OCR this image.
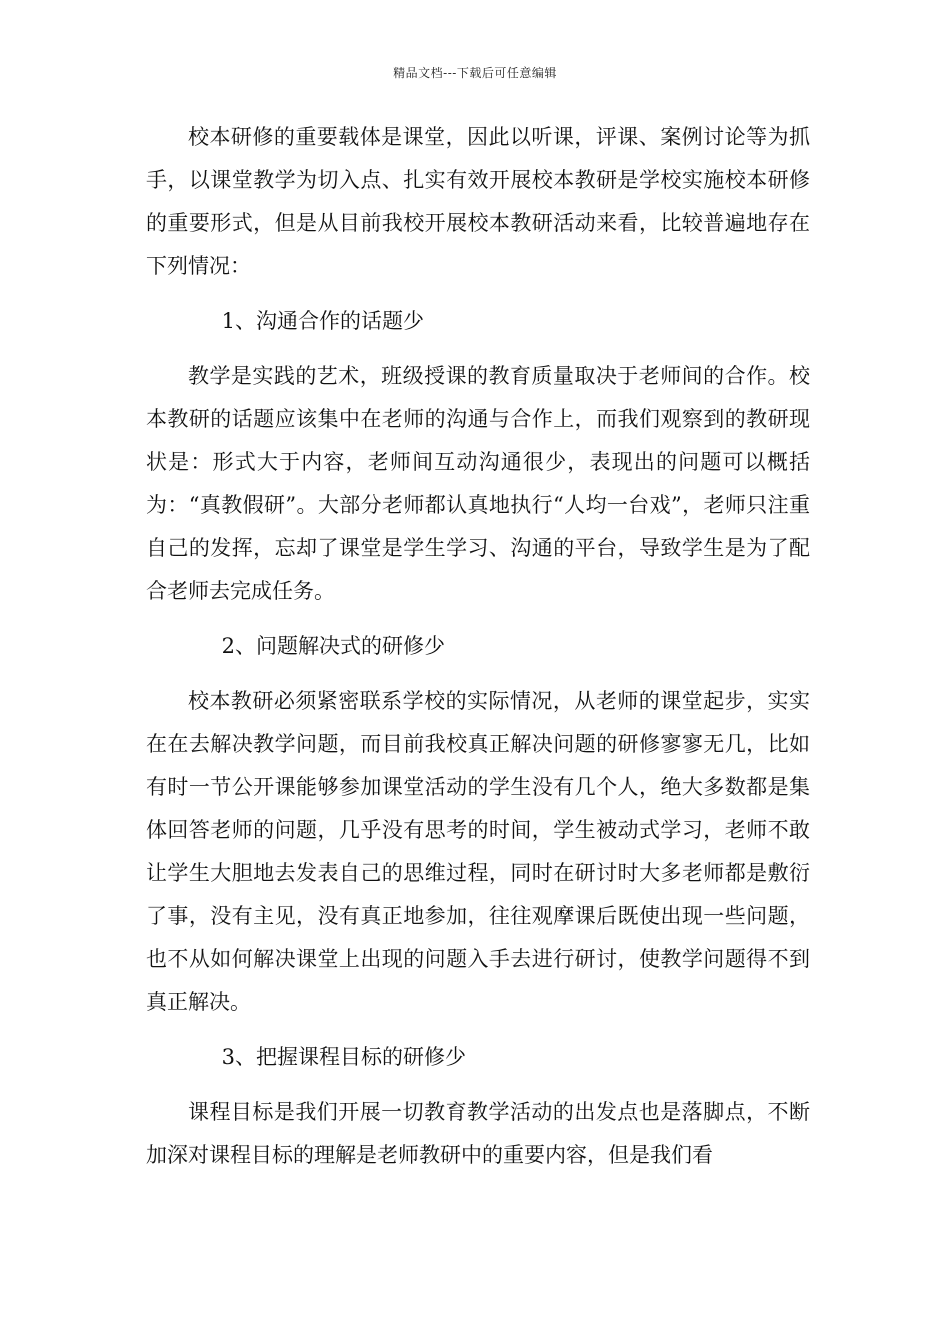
精品文档---下载后可任意编辑

校本研修的重要载体是课堂，因此以听课，评课、案例讨论等为抓手，以课堂教学为切入点、扎实有效开展校本教研是学校实施校本研修的重要形式，但是从目前我校开展校本教研活动来看，比较普遍地存在下列情况：

1、沟通合作的话题少

教学是实践的艺术，班级授课的教育质量取决于老师间的合作。校本教研的话题应该集中在老师的沟通与合作上，而我们观察到的教研现状是：形式大于内容，老师间互动沟通很少，表现出的问题可以概括为：“真教假研”。大部分老师都认真地执行“人均一台戏”，老师只注重自己的发挥，忘却了课堂是学生学习、沟通的平台，导致学生是为了配合老师去完成任务。

2、问题解决式的研修少

校本教研必须紧密联系学校的实际情况，从老师的课堂起步，实实在在去解决教学问题，而目前我校真正解决问题的研修寥寥无几，比如有时一节公开课能够参加课堂活动的学生没有几个人，绝大多数都是集体回答老师的问题，几乎没有思考的时间，学生被动式学习，老师不敢让学生大胆地去发表自己的思维过程，同时在研讨时大多老师都是敷衍了事，没有主见，没有真正地参加，往往观摩课后既使出现一些问题，也不从如何解决课堂上出现的问题入手去进行研讨，使教学问题得不到真正解决。

3、把握课程目标的研修少

课程目标是我们开展一切教育教学活动的出发点也是落脚点，不断加深对课程目标的理解是老师教研中的重要内容，但是我们看
